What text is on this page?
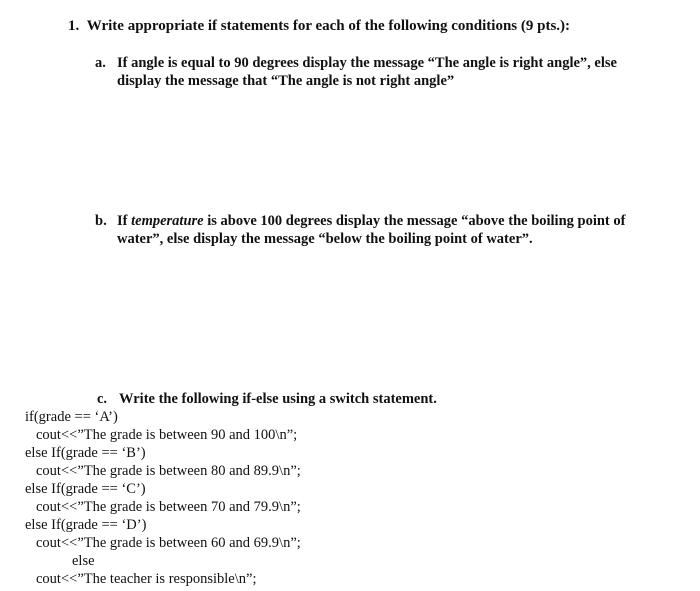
1. Write appropriate if statements for each of the following conditions (9 pts.):
a. If angle is equal to 90 degrees display the message “The angle is right angle”, else
display the message that “The angle is not right angle”
b. If temperature is above 100 degrees display the message “above the boiling point of
water”, else display the message “below the boiling point of water”.
c. Write the following if-else using a switch statement.
if(grade == ‘A’)
cout<<”The grade is between 90 and 100\n”;
else If(grade == ‘B’)
cout<<”The grade is between 80 and 89.9\n”;
else If(grade == ‘C’)
cout<<”The grade is between 70 and 79.9\n”;
else If(grade == ‘D’)
cout<<”The grade is between 60 and 69.9\n”;
else
cout<<”The teacher is responsible\n”;
